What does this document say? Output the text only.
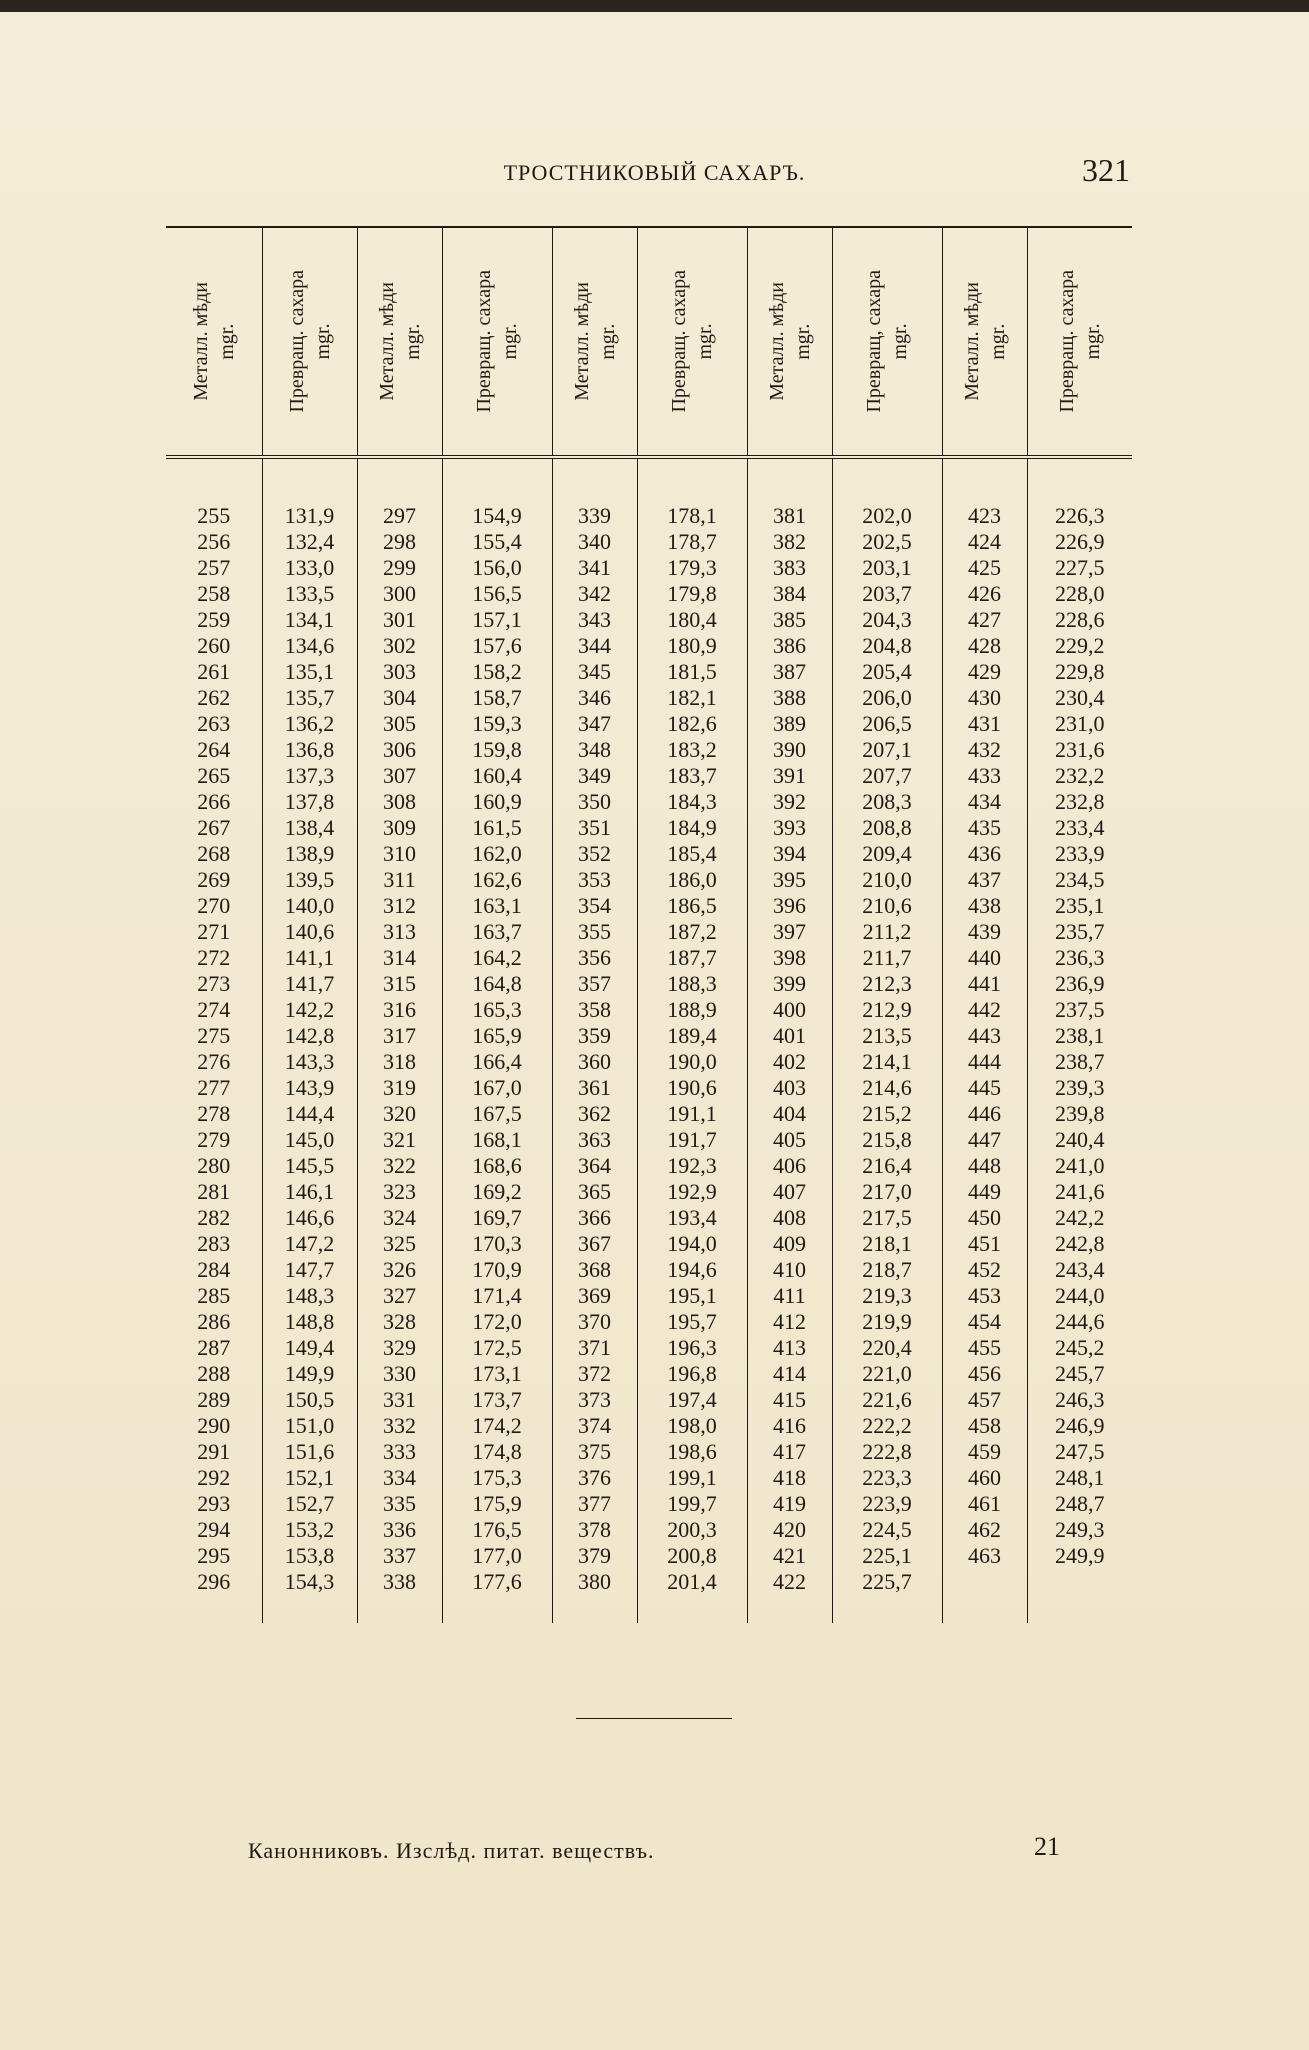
ТРОСТНИКОВЫЙ САХАРЪ.	321
Металл. мѣди mgr.	Превращ. сахара mgr.	Металл. мѣди mgr.	Превращ. сахара mgr.	Металл. мѣди mgr.	Превращ. сахара mgr.	Металл. мѣди mgr.	Превращ, сахара mgr.	Металл. мѣди mgr.	Превращ. сахара mgr.

255	131,9	297	154,9	339	178,1	381	202,0	423	226,3
256	132,4	298	155,4	340	178,7	382	202,5	424	226,9
257	133,0	299	156,0	341	179,3	383	203,1	425	227,5
258	133,5	300	156,5	342	179,8	384	203,7	426	228,0
259	134,1	301	157,1	343	180,4	385	204,3	427	228,6
260	134,6	302	157,6	344	180,9	386	204,8	428	229,2
261	135,1	303	158,2	345	181,5	387	205,4	429	229,8
262	135,7	304	158,7	346	182,1	388	206,0	430	230,4
263	136,2	305	159,3	347	182,6	389	206,5	431	231,0
264	136,8	306	159,8	348	183,2	390	207,1	432	231,6
265	137,3	307	160,4	349	183,7	391	207,7	433	232,2
266	137,8	308	160,9	350	184,3	392	208,3	434	232,8
267	138,4	309	161,5	351	184,9	393	208,8	435	233,4
268	138,9	310	162,0	352	185,4	394	209,4	436	233,9
269	139,5	311	162,6	353	186,0	395	210,0	437	234,5
270	140,0	312	163,1	354	186,5	396	210,6	438	235,1
271	140,6	313	163,7	355	187,2	397	211,2	439	235,7
272	141,1	314	164,2	356	187,7	398	211,7	440	236,3
273	141,7	315	164,8	357	188,3	399	212,3	441	236,9
274	142,2	316	165,3	358	188,9	400	212,9	442	237,5
275	142,8	317	165,9	359	189,4	401	213,5	443	238,1
276	143,3	318	166,4	360	190,0	402	214,1	444	238,7
277	143,9	319	167,0	361	190,6	403	214,6	445	239,3
278	144,4	320	167,5	362	191,1	404	215,2	446	239,8
279	145,0	321	168,1	363	191,7	405	215,8	447	240,4
280	145,5	322	168,6	364	192,3	406	216,4	448	241,0
281	146,1	323	169,2	365	192,9	407	217,0	449	241,6
282	146,6	324	169,7	366	193,4	408	217,5	450	242,2
283	147,2	325	170,3	367	194,0	409	218,1	451	242,8
284	147,7	326	170,9	368	194,6	410	218,7	452	243,4
285	148,3	327	171,4	369	195,1	411	219,3	453	244,0
286	148,8	328	172,0	370	195,7	412	219,9	454	244,6
287	149,4	329	172,5	371	196,3	413	220,4	455	245,2
288	149,9	330	173,1	372	196,8	414	221,0	456	245,7
289	150,5	331	173,7	373	197,4	415	221,6	457	246,3
290	151,0	332	174,2	374	198,0	416	222,2	458	246,9
291	151,6	333	174,8	375	198,6	417	222,8	459	247,5
292	152,1	334	175,3	376	199,1	418	223,3	460	248,1
293	152,7	335	175,9	377	199,7	419	223,9	461	248,7
294	153,2	336	176,5	378	200,3	420	224,5	462	249,3
295	153,8	337	177,0	379	200,8	421	225,1	463	249,9
296	154,3	338	177,6	380	201,4	422	225,7		

Канонниковъ. Изслѣд. питат. веществъ.	21
